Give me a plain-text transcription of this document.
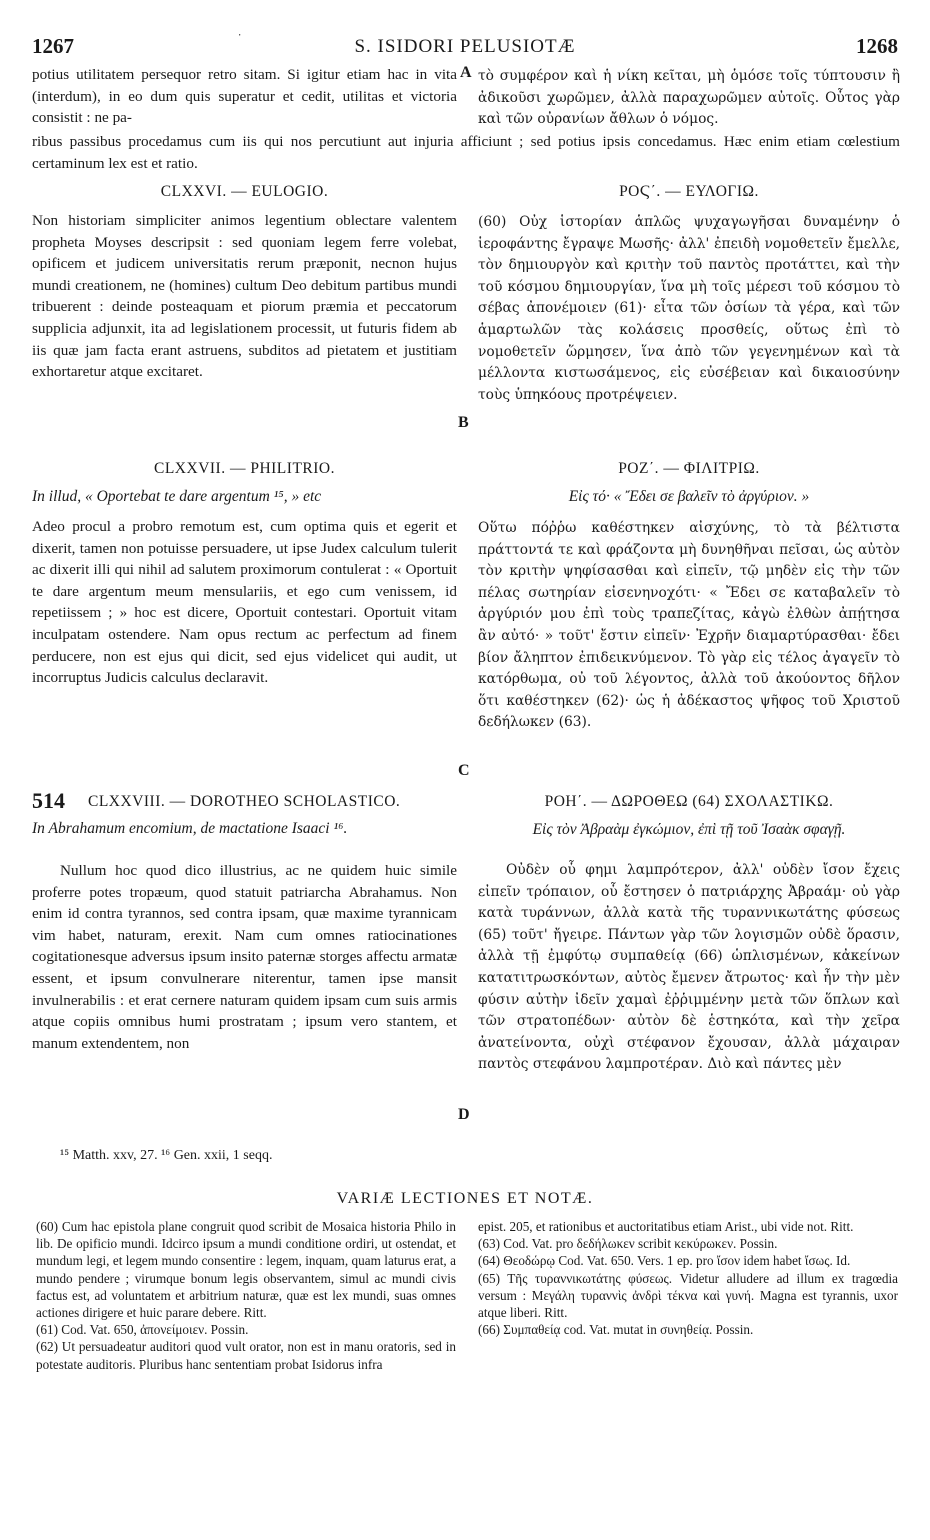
1267	S. ISIDORI PELUSIOTÆ	1268

potius utilitatem persequor retro sitam. Si igitur etiam hac in vita (interdum), in eo dum quis superatur et cedit, utilitas et victoria consistit : ne pa-

τὸ συμφέρον καὶ ἡ νίκη κεῖται, μὴ ὁμόσε τοῖς τύπτουσιν ἢ ἀδικοῦσι χωρῶμεν, ἀλλὰ παραχωρῶμεν αὐτοῖς. Οὗτος γὰρ καὶ τῶν οὐρανίων ἄθλων ὁ νόμος.

ribus passibus procedamus cum iis qui nos percutiunt aut injuria afficiunt ; sed potius ipsis concedamus. Hæc enim etiam cœlestium certaminum lex est et ratio.
A
CLXXVI. — EULOGIO.	ΡΟϚ΄. — ΕΥΛΟΓΙΩ.

Non historiam simpliciter animos legentium oblectare valentem propheta Moyses descripsit : sed quoniam legem ferre volebat, opificem et judicem universitatis rerum præponit, necnon hujus mundi creationem, ne (homines) cultum Deo debitum partibus mundi tribuerent : deinde posteaquam et piorum præmia et peccatorum supplicia adjunxit, ita ad legislationem processit, ut futuris fidem ab iis quæ jam facta erant astruens, subditos ad pietatem et justitiam exhortaretur atque excitaret.

(60) Οὐχ ἱστορίαν ἁπλῶς ψυχαγωγῆσαι δυναμένην ὁ ἱεροφάντης ἔγραψε Μωσῆς· ἀλλ' ἐπειδὴ νομοθετεῖν ἔμελλε, τὸν δημιουργὸν καὶ κριτὴν τοῦ παντὸς προτάττει, καὶ τὴν τοῦ κόσμου δημιουργίαν, ἵνα μὴ τοῖς μέρεσι τοῦ κόσμου τὸ σέβας ἀπονέμοιεν (61)· εἶτα τῶν ὁσίων τὰ γέρα, καὶ τῶν ἁμαρτωλῶν τὰς κολάσεις προσθείς, οὕτως ἐπὶ τὸ νομοθετεῖν ὥρμησεν, ἵνα ἀπὸ τῶν γεγενημένων καὶ τὰ μέλλοντα κιστωσάμενος, εἰς εὐσέβειαν καὶ δικαιοσύνην τοὺς ὑπηκόους προτρέψειεν.

B
CLXXVII. — PHILITRIO.	ΡΟΖ΄. — ΦΙΛΙΤΡΙΩ.
In illud, « Oportebat te dare argentum ¹⁵, » etc	Εἰς τό· « Ἔδει σε βαλεῖν τὸ ἀργύριον. »

Adeo procul a probro remotum est, cum optima quis et egerit et dixerit, tamen non potuisse persuadere, ut ipse Judex calculum tulerit ac dixerit illi qui nihil ad salutem proximorum contulerat : « Oportuit te dare argentum meum mensulariis, et ego cum venissem, id repetiissem ; » hoc est dicere, Oportuit contestari. Oportuit vitam inculpatam ostendere. Nam opus rectum ac perfectum ad finem perducere, non est ejus qui dicit, sed ejus videlicet qui audit, ut incorruptus Judicis calculus declaravit.

Οὕτω πόῤῥω καθέστηκεν αἰσχύνης, τὸ τὰ βέλτιστα πράττοντά τε καὶ φράζοντα μὴ δυνηθῆναι πεῖσαι, ὡς αὐτὸν τὸν κριτὴν ψηφίσασθαι καὶ εἰπεῖν, τῷ μηδὲν εἰς τὴν τῶν πέλας σωτηρίαν εἰσενηνοχότι· « Ἔδει σε καταβαλεῖν τὸ ἀργύριόν μου ἐπὶ τοὺς τραπεζίτας, κἀγὼ ἐλθὼν ἀπῄτησα ἂν αὐτό· » τοῦτ' ἔστιν εἰπεῖν· Ἐχρῆν διαμαρτύρασθαι· ἔδει βίον ἄληπτον ἐπιδεικνύμενον. Τὸ γὰρ εἰς τέλος ἀγαγεῖν τὸ κατόρθωμα, οὐ τοῦ λέγοντος, ἀλλὰ τοῦ ἀκούοντος δῆλον ὅτι καθέστηκεν (62)· ὡς ἡ ἀδέκαστος ψῆφος τοῦ Χριστοῦ δεδήλωκεν (63).

C
514 CLXXVIII. — DOROTHEO SCHOLASTICO.	ΡΟΗ΄. — ΔΩΡΟΘΕΩ (64) ΣΧΟΛΑΣΤΙΚΩ.
In Abrahamum encomium, de mactatione Isaaci ¹⁶.	Εἰς τὸν Ἀβραὰμ ἐγκώμιον, ἐπὶ τῇ τοῦ Ἰσαὰκ σφαγῇ.

Nullum hoc quod dico illustrius, ac ne quidem huic simile proferre potes tropæum, quod statuit patriarcha Abrahamus. Non enim id contra tyrannos, sed contra ipsam, quæ maxime tyrannicam vim habet, naturam, erexit. Nam cum omnes ratiocinationes cogitationesque adversus ipsum insito paternæ storges affectu armatæ essent, et ipsum convulnerare niterentur, tamen ipse mansit invulnerabilis : et erat cernere naturam quidem ipsam cum suis armis atque copiis omnibus humi prostratam ; ipsum vero stantem, et manum extendentem, non

Οὐδὲν οὗ φημι λαμπρότερον, ἀλλ' οὐδὲν ἴσον ἔχεις εἰπεῖν τρόπαιον, οὗ ἔστησεν ὁ πατριάρχης Ἀβραάμ· οὐ γὰρ κατὰ τυράννων, ἀλλὰ κατὰ τῆς τυραννικωτάτης φύσεως (65) τοῦτ' ἤγειρε. Πάντων γὰρ τῶν λογισμῶν οὐδὲ ὅρασιν, ἀλλὰ τῇ ἐμφύτῳ συμπαθείᾳ (66) ὡπλισμένων, κἀκείνων κατατιτρωσκόντων, αὐτὸς ἔμενεν ἄτρωτος· καὶ ἦν τὴν μὲν φύσιν αὐτὴν ἰδεῖν χαμαὶ ἐῤῥιμμένην μετὰ τῶν ὅπλων καὶ τῶν στρατοπέδων· αὐτὸν δὲ ἑστηκότα, καὶ τὴν χεῖρα ἀνατείνοντα, οὐχὶ στέφανον ἔχουσαν, ἀλλὰ μάχαιραν παντὸς στεφάνου λαμπροτέραν. Διὸ καὶ πάντες μὲν

D
¹⁵ Matth. xxv, 27. ¹⁶ Gen. xxii, 1 seqq.
VARIÆ LECTIONES ET NOTÆ.

(60) Cum hac epistola plane congruit quod scribit de Mosaica historia Philo in lib. De opificio mundi. Idcirco ipsum a mundi conditione ordiri, ut ostendat, et mundum legi, et legem mundo consentire : legem, inquam, quam laturus erat, a mundo pendere ; virumque bonum legis observantem, simul ac mundi civis factus est, ad voluntatem et arbitrium naturæ, quæ est lex mundi, suas omnes actiones dirigere et huic parare debere. Ritt.

(61) Cod. Vat. 650, ἀπονείμοιεν. Possin.

(62) Ut persuadeatur auditori quod vult orator, non est in manu oratoris, sed in potestate auditoris. Pluribus hanc sententiam probat Isidorus infra

epist. 205, et rationibus et auctoritatibus etiam Arist., ubi vide not. Ritt.

(63) Cod. Vat. pro δεδήλωκεν scribit κεκύρωκεν. Possin.

(64) Θεοδώρῳ Cod. Vat. 650. Vers. 1 ep. pro ἴσον idem habet ἴσως. Id.

(65) Τῆς τυραννικωτάτης φύσεως. Videtur alludere ad illum ex tragœdia versum : Μεγάλη τυραννὶς ἀνδρὶ τέκνα καὶ γυνή. Magna est tyrannis, uxor atque liberi. Ritt.

(66) Συμπαθείᾳ cod. Vat. mutat in συνηθείᾳ. Possin.
